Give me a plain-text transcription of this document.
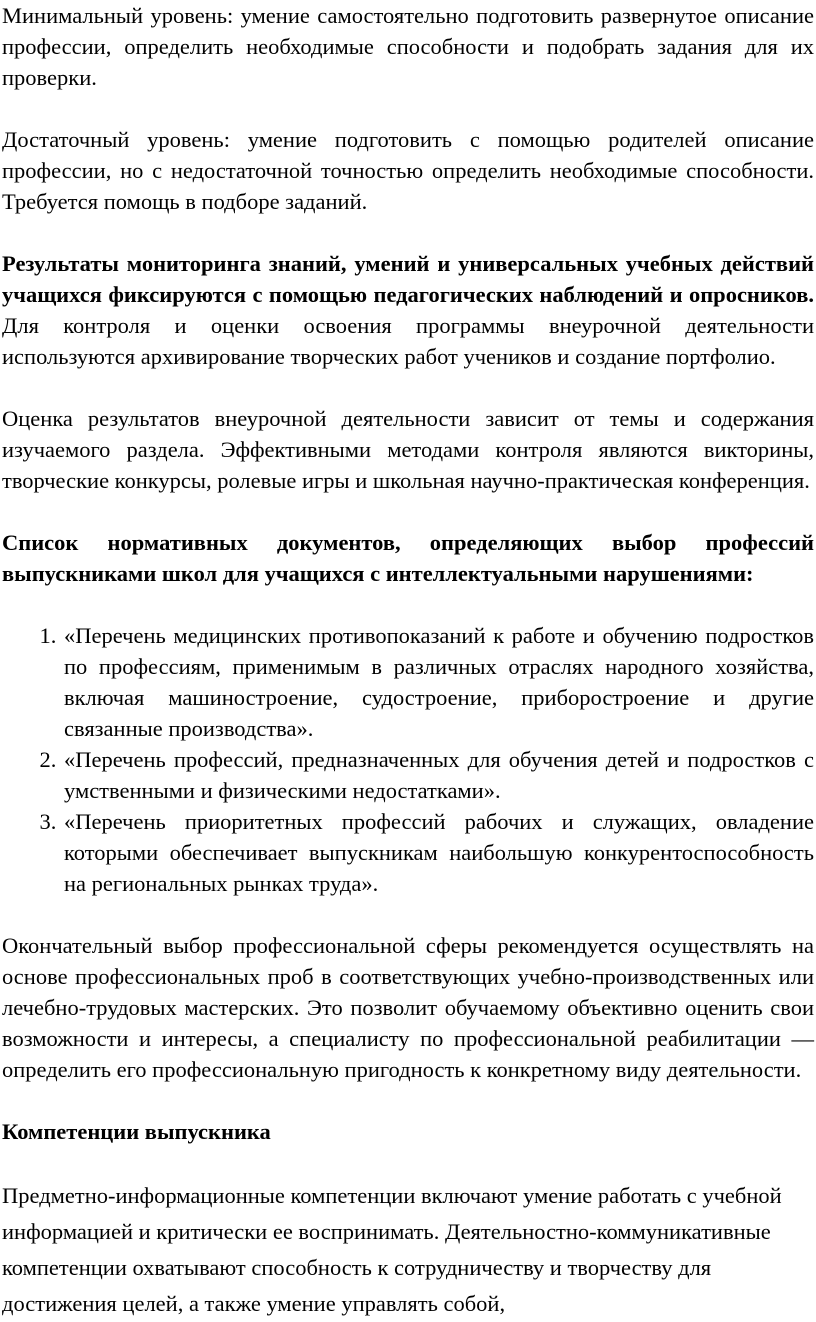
Минимальный уровень: умение самостоятельно подготовить развернутое описание профессии, определить необходимые способности и подобрать задания для их проверки.

Достаточный уровень: умение подготовить с помощью родителей описание профессии, но с недостаточной точностью определить необходимые способности. Требуется помощь в подборе заданий.

Результаты мониторинга знаний, умений и универсальных учебных действий учащихся фиксируются с помощью педагогических наблюдений и опросников. Для контроля и оценки освоения программы внеурочной деятельности используются архивирование творческих работ учеников и создание портфолио.

Оценка результатов внеурочной деятельности зависит от темы и содержания изучаемого раздела. Эффективными методами контроля являются викторины, творческие конкурсы, ролевые игры и школьная научно-практическая конференция.

Список нормативных документов, определяющих выбор профессий выпускниками школ для учащихся с интеллектуальными нарушениями:

1. «Перечень медицинских противопоказаний к работе и обучению подростков по профессиям, применимым в различных отраслях народного хозяйства, включая машиностроение, судостроение, приборостроение и другие связанные производства».
2. «Перечень профессий, предназначенных для обучения детей и подростков с умственными и физическими недостатками».
3. «Перечень приоритетных профессий рабочих и служащих, овладение которыми обеспечивает выпускникам наибольшую конкурентоспособность на региональных рынках труда».

Окончательный выбор профессиональной сферы рекомендуется осуществлять на основе профессиональных проб в соответствующих учебно-производственных или лечебно-трудовых мастерских. Это позволит обучаемому объективно оценить свои возможности и интересы, а специалисту по профессиональной реабилитации — определить его профессиональную пригодность к конкретному виду деятельности.

Компетенции выпускника

Предметно-информационные компетенции включают умение работать с учебной информацией и критически ее воспринимать. Деятельностно-коммуникативные компетенции охватывают способность к сотрудничеству и творчеству для достижения целей, а также умение управлять собой,
